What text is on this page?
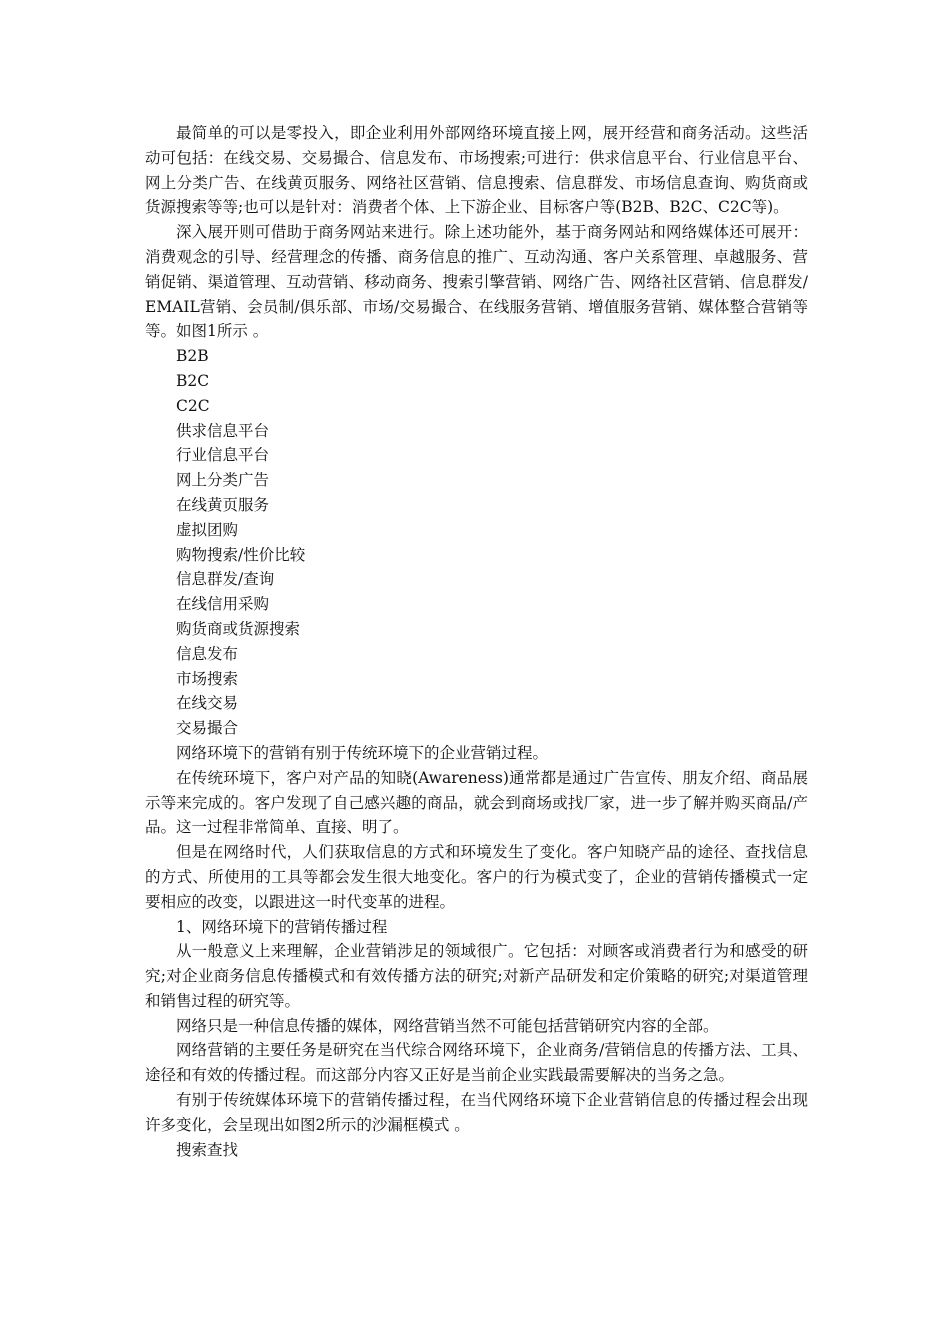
最简单的可以是零投入，即企业利用外部网络环境直接上网，展开经营和商务活动。这些活动可包括：在线交易、交易撮合、信息发布、市场搜索;可进行：供求信息平台、行业信息平台、网上分类广告、在线黄页服务、网络社区营销、信息搜索、信息群发、市场信息查询、购货商或货源搜索等等;也可以是针对：消费者个体、上下游企业、目标客户等(B2B、B2C、C2C等)。

深入展开则可借助于商务网站来进行。除上述功能外，基于商务网站和网络媒体还可展开：消费观念的引导、经营理念的传播、商务信息的推广、互动沟通、客户关系管理、卓越服务、营销促销、渠道管理、互动营销、移动商务、搜索引擎营销、网络广告、网络社区营销、信息群发/EMAIL营销、会员制/俱乐部、市场/交易撮合、在线服务营销、增值服务营销、媒体整合营销等等。如图1所示 。

B2B

B2C

C2C

供求信息平台

行业信息平台

网上分类广告

在线黄页服务

虚拟团购

购物搜索/性价比较

信息群发/查询

在线信用采购

购货商或货源搜索

信息发布

市场搜索

在线交易

交易撮合

网络环境下的营销有别于传统环境下的企业营销过程。

在传统环境下，客户对产品的知晓(Awareness)通常都是通过广告宣传、朋友介绍、商品展示等来完成的。客户发现了自己感兴趣的商品，就会到商场或找厂家，进一步了解并购买商品/产品。这一过程非常简单、直接、明了。

但是在网络时代，人们获取信息的方式和环境发生了变化。客户知晓产品的途径、查找信息的方式、所使用的工具等都会发生很大地变化。客户的行为模式变了，企业的营销传播模式一定要相应的改变，以跟进这一时代变革的进程。

1、网络环境下的营销传播过程

从一般意义上来理解，企业营销涉足的领域很广。它包括：对顾客或消费者行为和感受的研究;对企业商务信息传播模式和有效传播方法的研究;对新产品研发和定价策略的研究;对渠道管理和销售过程的研究等。

网络只是一种信息传播的媒体，网络营销当然不可能包括营销研究内容的全部。

网络营销的主要任务是研究在当代综合网络环境下，企业商务/营销信息的传播方法、工具、途径和有效的传播过程。而这部分内容又正好是当前企业实践最需要解决的当务之急。

有别于传统媒体环境下的营销传播过程，在当代网络环境下企业营销信息的传播过程会出现许多变化，会呈现出如图2所示的沙漏框模式 。

搜索查找
